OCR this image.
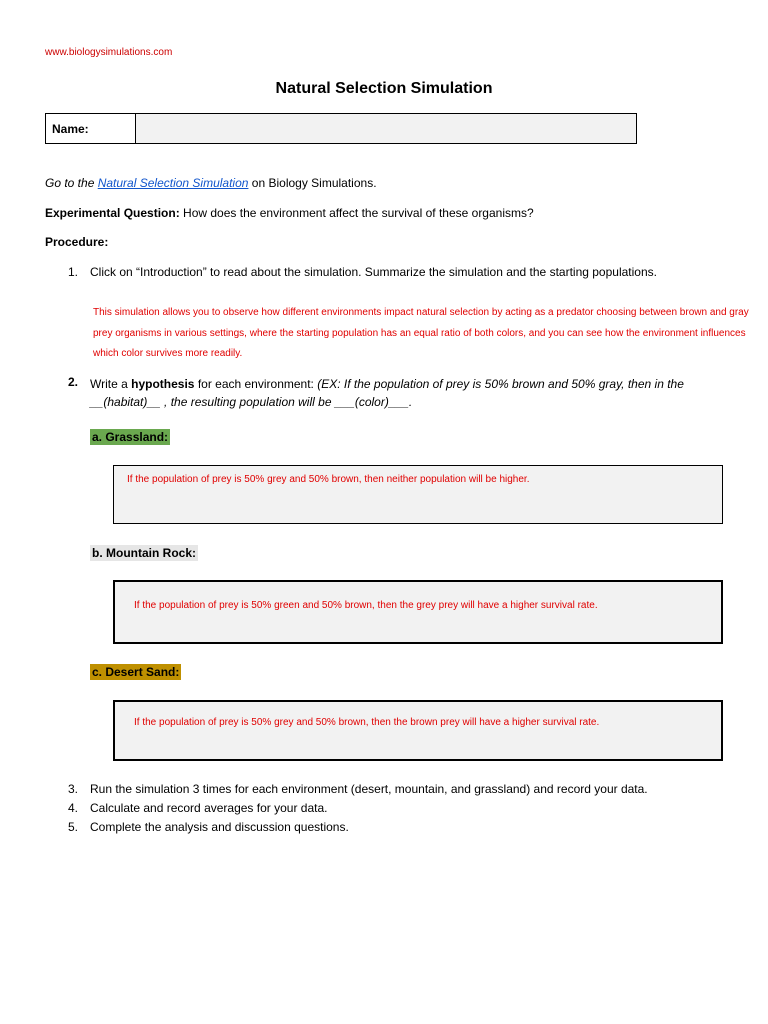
www.biologysimulations.com
Natural Selection Simulation
Name:
Go to the Natural Selection Simulation on Biology Simulations.
Experimental Question: How does the environment affect the survival of these organisms?
Procedure:
1. Click on “Introduction” to read about the simulation. Summarize the simulation and the starting populations.
This simulation allows you to observe how different environments impact natural selection by acting as a predator choosing between brown and gray prey organisms in various settings, where the starting population has an equal ratio of both colors, and you can see how the environment influences which color survives more readily.
2. Write a hypothesis for each environment: (EX: If the population of prey is 50% brown and 50% gray, then in the __(habitat)__ , the resulting population will be ___(color)___.
a. Grassland:
If the population of prey is 50% grey and 50% brown, then neither population will be higher.
b. Mountain Rock:
If the population of prey is 50% green and 50% brown, then the grey prey will have a higher survival rate.
c. Desert Sand:
If the population of prey is 50% grey and 50% brown, then the brown prey will have a higher survival rate.
3. Run the simulation 3 times for each environment (desert, mountain, and grassland) and record your data.
4. Calculate and record averages for your data.
5. Complete the analysis and discussion questions.
